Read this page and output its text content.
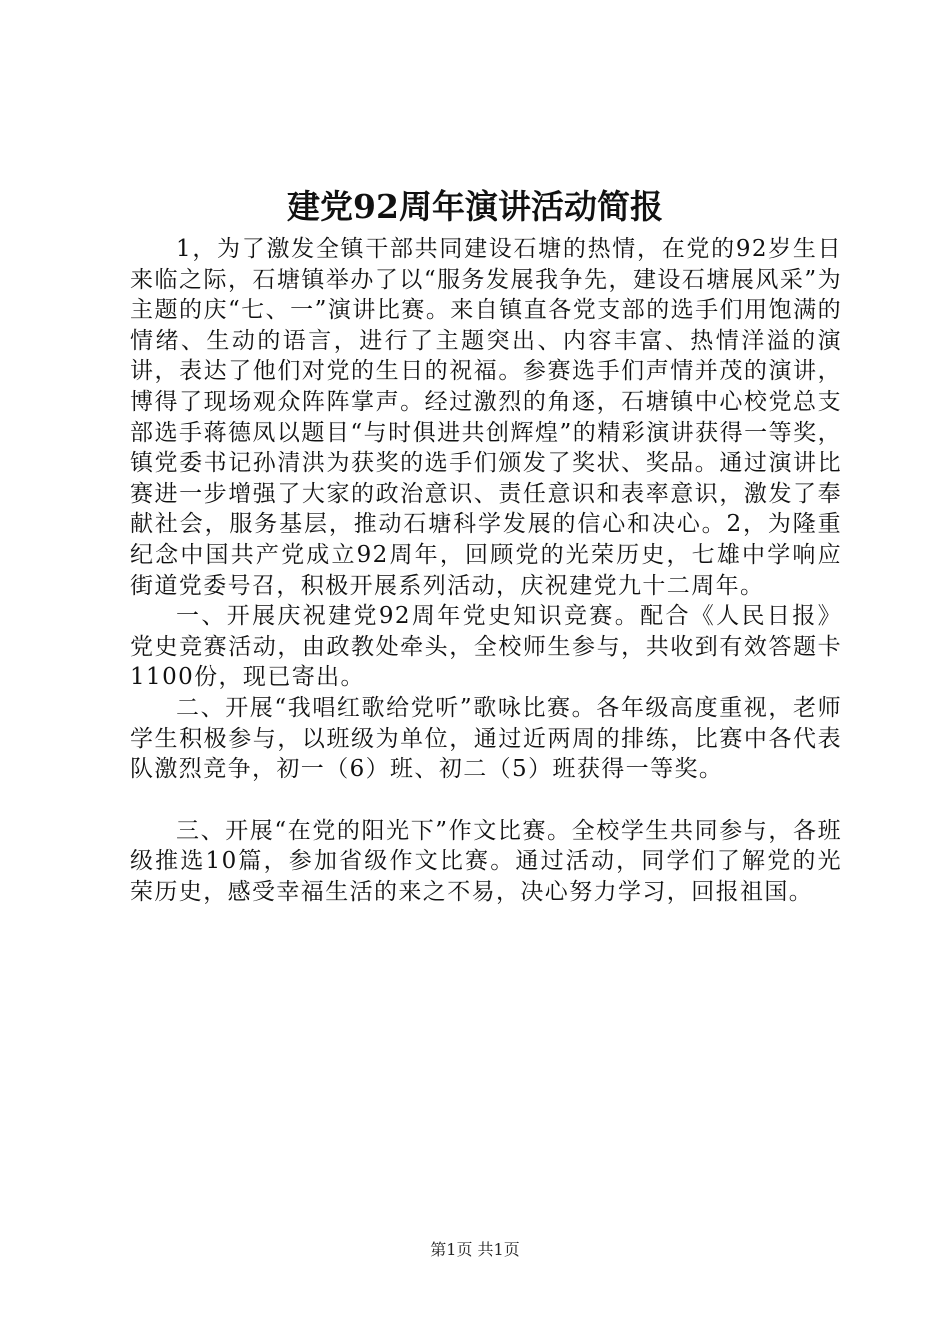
建党92周年演讲活动简报

1，为了激发全镇干部共同建设石塘的热情，在党的92岁生日来临之际，石塘镇举办了以“服务发展我争先，建设石塘展风采”为主题的庆“七、一”演讲比赛。来自镇直各党支部的选手们用饱满的情绪、生动的语言，进行了主题突出、内容丰富、热情洋溢的演讲，表达了他们对党的生日的祝福。参赛选手们声情并茂的演讲，博得了现场观众阵阵掌声。经过激烈的角逐，石塘镇中心校党总支部选手蒋德凤以题目“与时俱进共创辉煌”的精彩演讲获得一等奖，镇党委书记孙清洪为获奖的选手们颁发了奖状、奖品。通过演讲比赛进一步增强了大家的政治意识、责任意识和表率意识，激发了奉献社会，服务基层，推动石塘科学发展的信心和决心。2，为隆重纪念中国共产党成立92周年，回顾党的光荣历史，七雄中学响应街道党委号召，积极开展系列活动，庆祝建党九十二周年。

一、开展庆祝建党92周年党史知识竞赛。配合《人民日报》党史竞赛活动，由政教处牵头，全校师生参与，共收到有效答题卡1100份，现已寄出。

二、开展“我唱红歌给党听”歌咏比赛。各年级高度重视，老师学生积极参与，以班级为单位，通过近两周的排练，比赛中各代表队激烈竞争，初一（6）班、初二（5）班获得一等奖。

三、开展“在党的阳光下”作文比赛。全校学生共同参与，各班级推选10篇，参加省级作文比赛。通过活动，同学们了解党的光荣历史，感受幸福生活的来之不易，决心努力学习，回报祖国。

第1页 共1页
